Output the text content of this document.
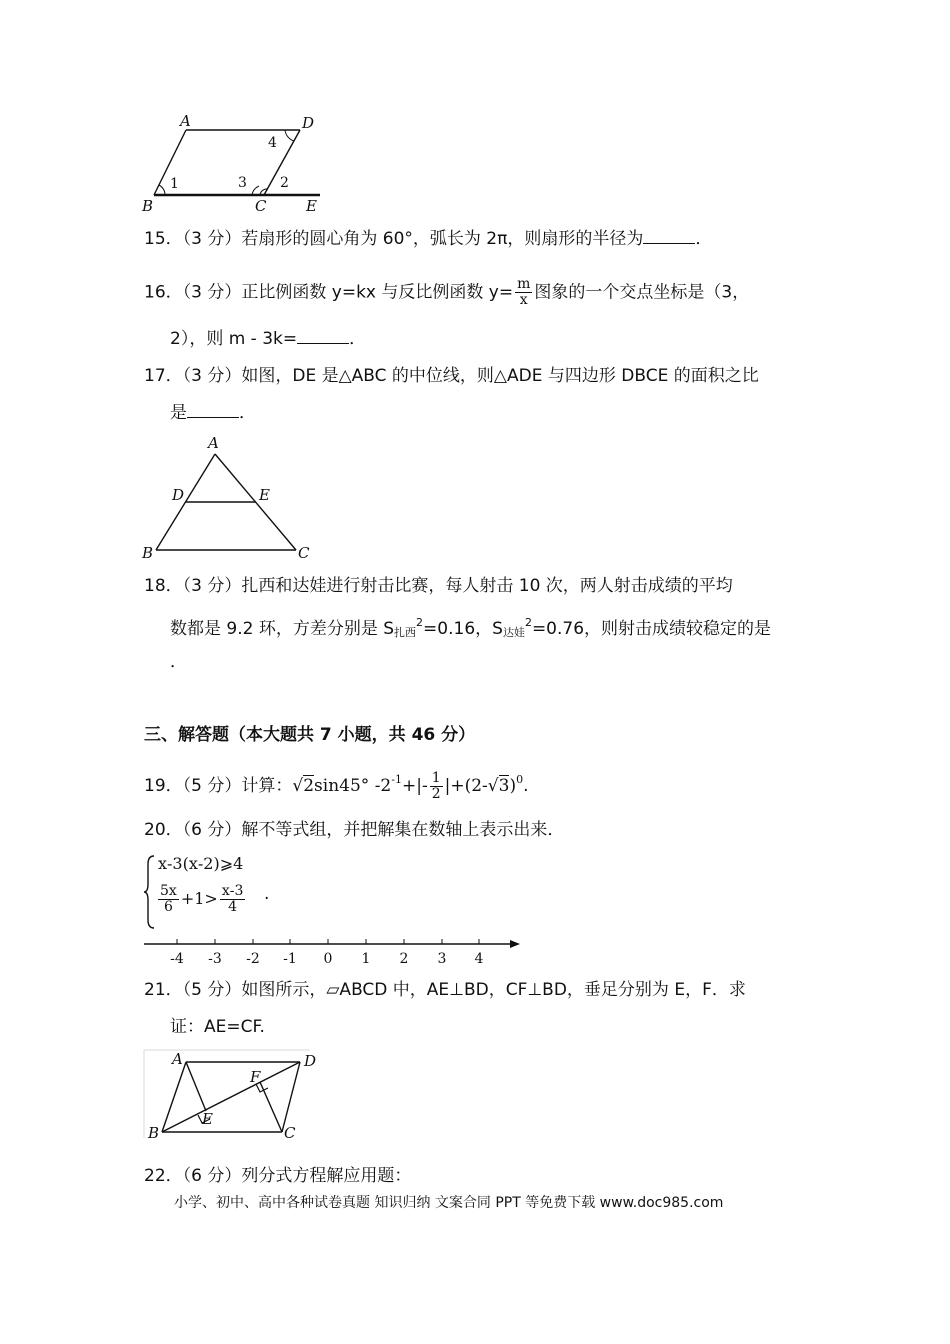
A	D
4
1	3 2
B	C	E
15．（3 分）若扇形的圆心角为 60°，弧长为 2π，则扇形的半径为	．
16．（3 分）正比例函数 y=kx 与反比例函数 $y= \frac{m}{x}$ 图象的一个交点坐标是（3，
2），则 m ‐ 3k=	．
17．（3 分）如图，DE 是△ABC 的中位线，则△ADE 与四边形 DBCE 的面积之比
是	．
A
D	E
B	C
18．（3 分）扎西和达娃进行射击比赛，每人射击 10 次，两人射击成绩的平均
数都是 9.2 环，方差分别是 S扎西$^2$=0.16，S达娃$^2$=0.76，则射击成绩较稳定的是
．
三、解答题（本大题共 7 小题，共 46 分）
19．（5 分）计算：√2sin45° $‐2^{‐1}+|‐ \frac{1}{2}$ |+(2‐√3)$^0$.
20．（6 分）解不等式组，并把解集在数轴上表示出来．
x‐3(x‐2)⩾4
$\frac{5x}{6} +1> \frac{x‐3}{4}$ .
-4 -3 -2 -1 0 1 2 3 4
21．（5 分）如图所示，▱ABCD 中，AE⊥BD，CF⊥BD，垂足分别为 E，F．求
证：AE=CF.
A	D
F
E
B	C
22．（6 分）列分式方程解应用题：
小学、初中、高中各种试卷真题 知识归纳 文案合同 PPT 等免费下载 www.doc985.com
